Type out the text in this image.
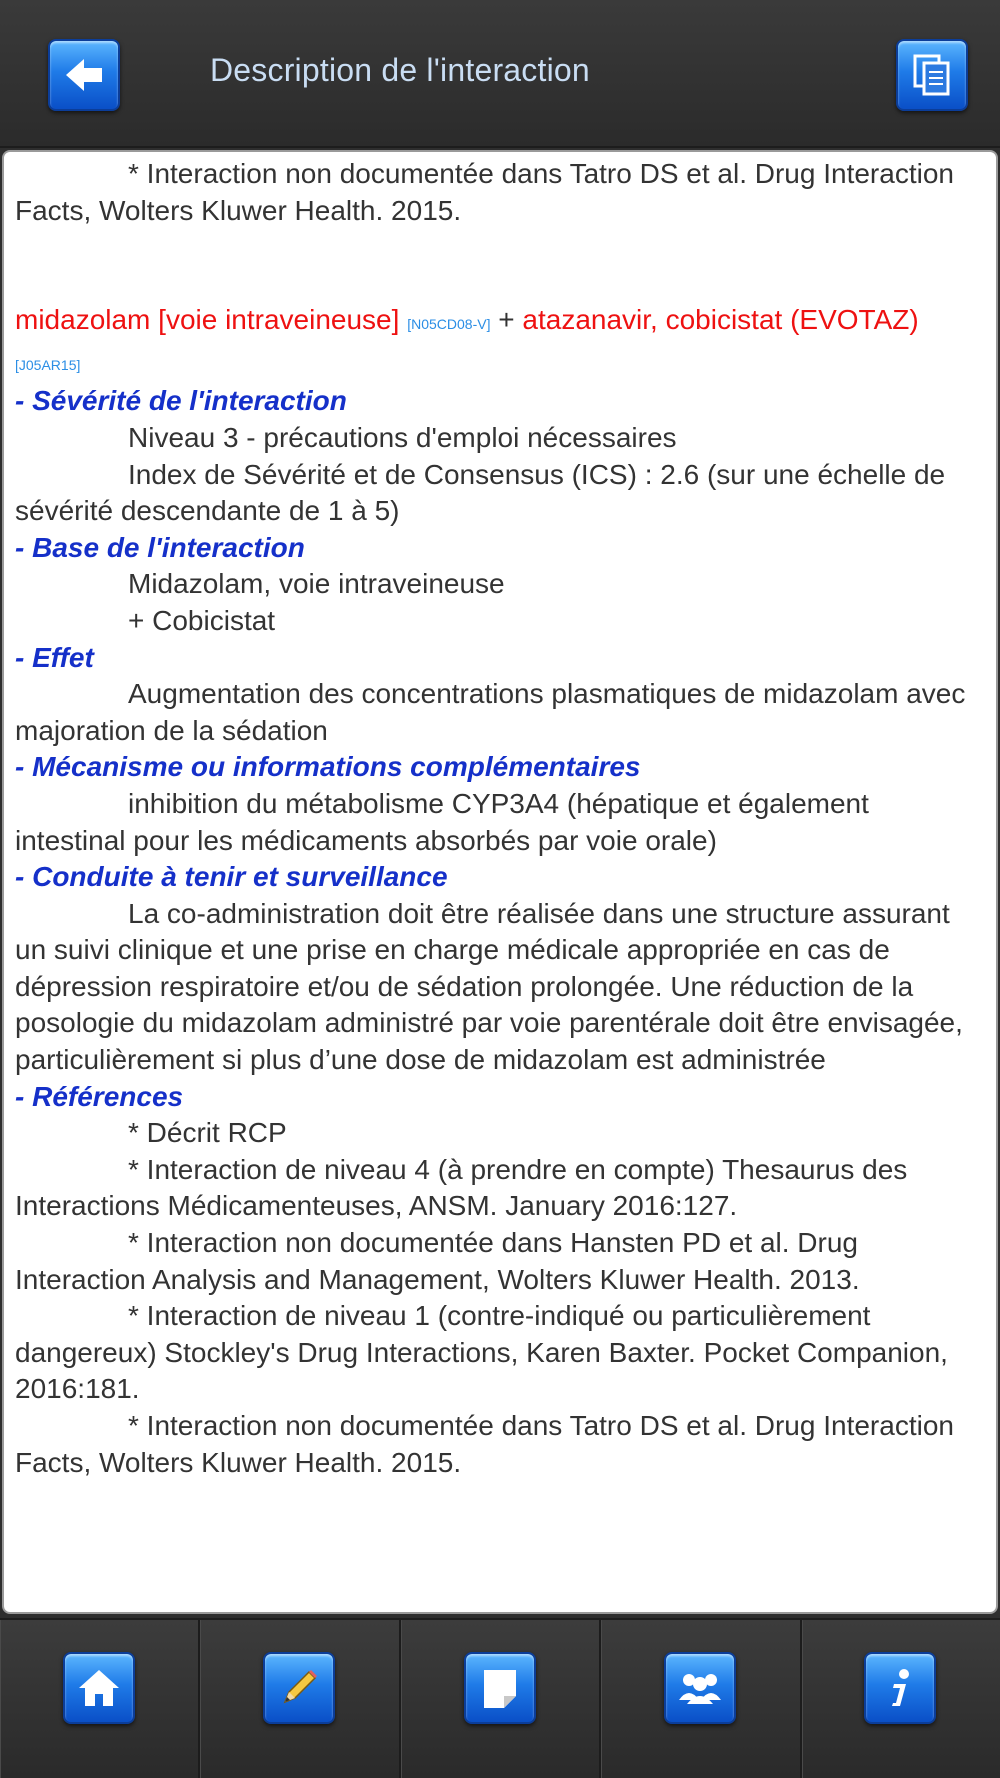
Description de l'interaction

* Interaction non documentée dans Tatro DS et al. Drug Interaction Facts, Wolters Kluwer Health. 2015.

midazolam [voie intraveineuse] [N05CD08-V] + atazanavir, cobicistat (EVOTAZ) [J05AR15]

- Sévérité de l'interaction

Niveau 3 - précautions d'emploi nécessaires

Index de Sévérité et de Consensus (ICS) : 2.6 (sur une échelle de sévérité descendante de 1 à 5)

- Base de l'interaction

Midazolam, voie intraveineuse

+ Cobicistat

- Effet

Augmentation des concentrations plasmatiques de midazolam avec majoration de la sédation

- Mécanisme ou informations complémentaires

inhibition du métabolisme CYP3A4 (hépatique et également intestinal pour les médicaments absorbés par voie orale)

- Conduite à tenir et surveillance

La co-administration doit être réalisée dans une structure assurant un suivi clinique et une prise en charge médicale appropriée en cas de dépression respiratoire et/ou de sédation prolongée. Une réduction de la posologie du midazolam administré par voie parentérale doit être envisagée, particulièrement si plus d’une dose de midazolam est administrée

- Références

* Décrit RCP

* Interaction de niveau 4 (à prendre en compte) Thesaurus des Interactions Médicamenteuses, ANSM. January 2016:127.

* Interaction non documentée dans Hansten PD et al. Drug Interaction Analysis and Management, Wolters Kluwer Health. 2013.

* Interaction de niveau 1 (contre-indiqué ou particulièrement dangereux) Stockley's Drug Interactions, Karen Baxter. Pocket Companion, 2016:181.

* Interaction non documentée dans Tatro DS et al. Drug Interaction Facts, Wolters Kluwer Health. 2015.
